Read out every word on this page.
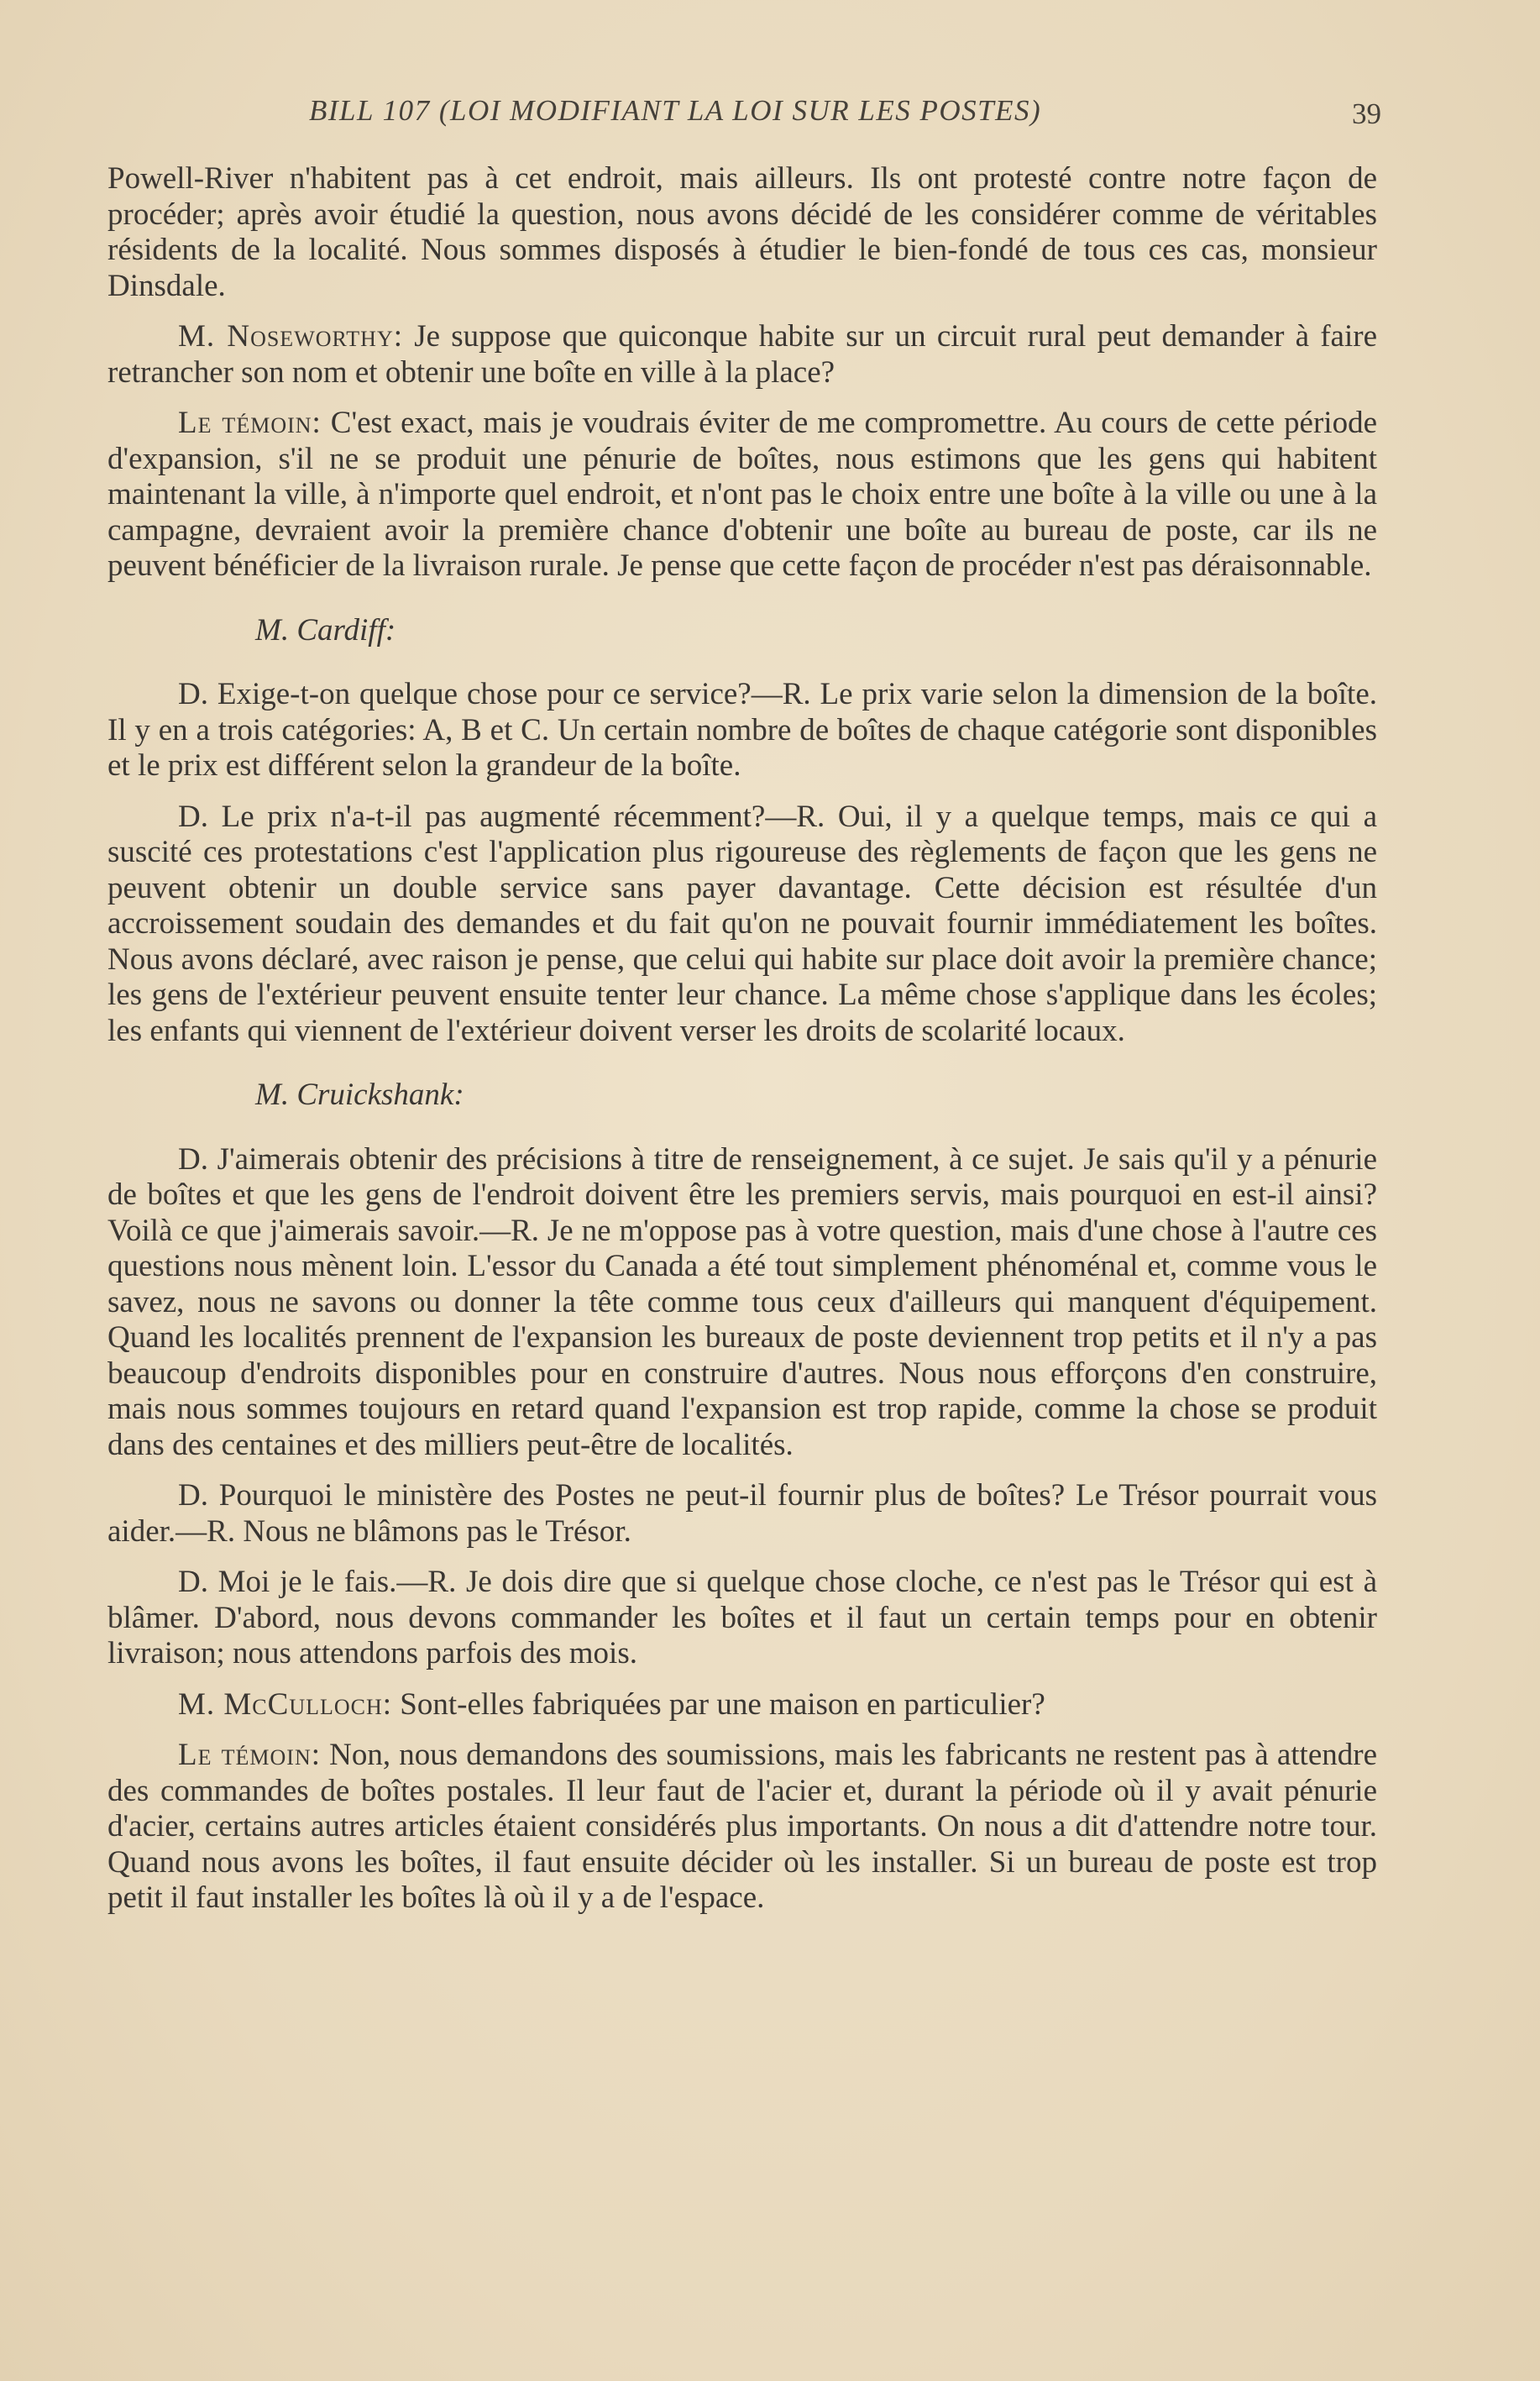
BILL 107 (LOI MODIFIANT LA LOI SUR LES POSTES)	39

Powell-River n'habitent pas à cet endroit, mais ailleurs. Ils ont protesté contre notre façon de procéder; après avoir étudié la question, nous avons décidé de les considérer comme de véritables résidents de la localité. Nous sommes disposés à étudier le bien-fondé de tous ces cas, monsieur Dinsdale.

M. Noseworthy: Je suppose que quiconque habite sur un circuit rural peut demander à faire retrancher son nom et obtenir une boîte en ville à la place?

Le témoin: C'est exact, mais je voudrais éviter de me compromettre. Au cours de cette période d'expansion, s'il ne se produit une pénurie de boîtes, nous estimons que les gens qui habitent maintenant la ville, à n'importe quel endroit, et n'ont pas le choix entre une boîte à la ville ou une à la campagne, devraient avoir la première chance d'obtenir une boîte au bureau de poste, car ils ne peuvent bénéficier de la livraison rurale. Je pense que cette façon de procéder n'est pas déraisonnable.

M. Cardiff:

D. Exige-t-on quelque chose pour ce service?—R. Le prix varie selon la dimension de la boîte. Il y en a trois catégories: A, B et C. Un certain nombre de boîtes de chaque catégorie sont disponibles et le prix est différent selon la grandeur de la boîte.

D. Le prix n'a-t-il pas augmenté récemment?—R. Oui, il y a quelque temps, mais ce qui a suscité ces protestations c'est l'application plus rigoureuse des règlements de façon que les gens ne peuvent obtenir un double service sans payer davantage. Cette décision est résultée d'un accroissement soudain des demandes et du fait qu'on ne pouvait fournir immédiatement les boîtes. Nous avons déclaré, avec raison je pense, que celui qui habite sur place doit avoir la première chance; les gens de l'extérieur peuvent ensuite tenter leur chance. La même chose s'applique dans les écoles; les enfants qui viennent de l'extérieur doivent verser les droits de scolarité locaux.

M. Cruickshank:

D. J'aimerais obtenir des précisions à titre de renseignement, à ce sujet. Je sais qu'il y a pénurie de boîtes et que les gens de l'endroit doivent être les premiers servis, mais pourquoi en est-il ainsi? Voilà ce que j'aimerais savoir.—R. Je ne m'oppose pas à votre question, mais d'une chose à l'autre ces questions nous mènent loin. L'essor du Canada a été tout simplement phénoménal et, comme vous le savez, nous ne savons ou donner la tête comme tous ceux d'ailleurs qui manquent d'équipement. Quand les localités prennent de l'expansion les bureaux de poste deviennent trop petits et il n'y a pas beaucoup d'endroits disponibles pour en construire d'autres. Nous nous efforçons d'en construire, mais nous sommes toujours en retard quand l'expansion est trop rapide, comme la chose se produit dans des centaines et des milliers peut-être de localités.

D. Pourquoi le ministère des Postes ne peut-il fournir plus de boîtes? Le Trésor pourrait vous aider.—R. Nous ne blâmons pas le Trésor.

D. Moi je le fais.—R. Je dois dire que si quelque chose cloche, ce n'est pas le Trésor qui est à blâmer. D'abord, nous devons commander les boîtes et il faut un certain temps pour en obtenir livraison; nous attendons parfois des mois.

M. McCulloch: Sont-elles fabriquées par une maison en particulier?

Le témoin: Non, nous demandons des soumissions, mais les fabricants ne restent pas à attendre des commandes de boîtes postales. Il leur faut de l'acier et, durant la période où il y avait pénurie d'acier, certains autres articles étaient considérés plus importants. On nous a dit d'attendre notre tour. Quand nous avons les boîtes, il faut ensuite décider où les installer. Si un bureau de poste est trop petit il faut installer les boîtes là où il y a de l'espace.
